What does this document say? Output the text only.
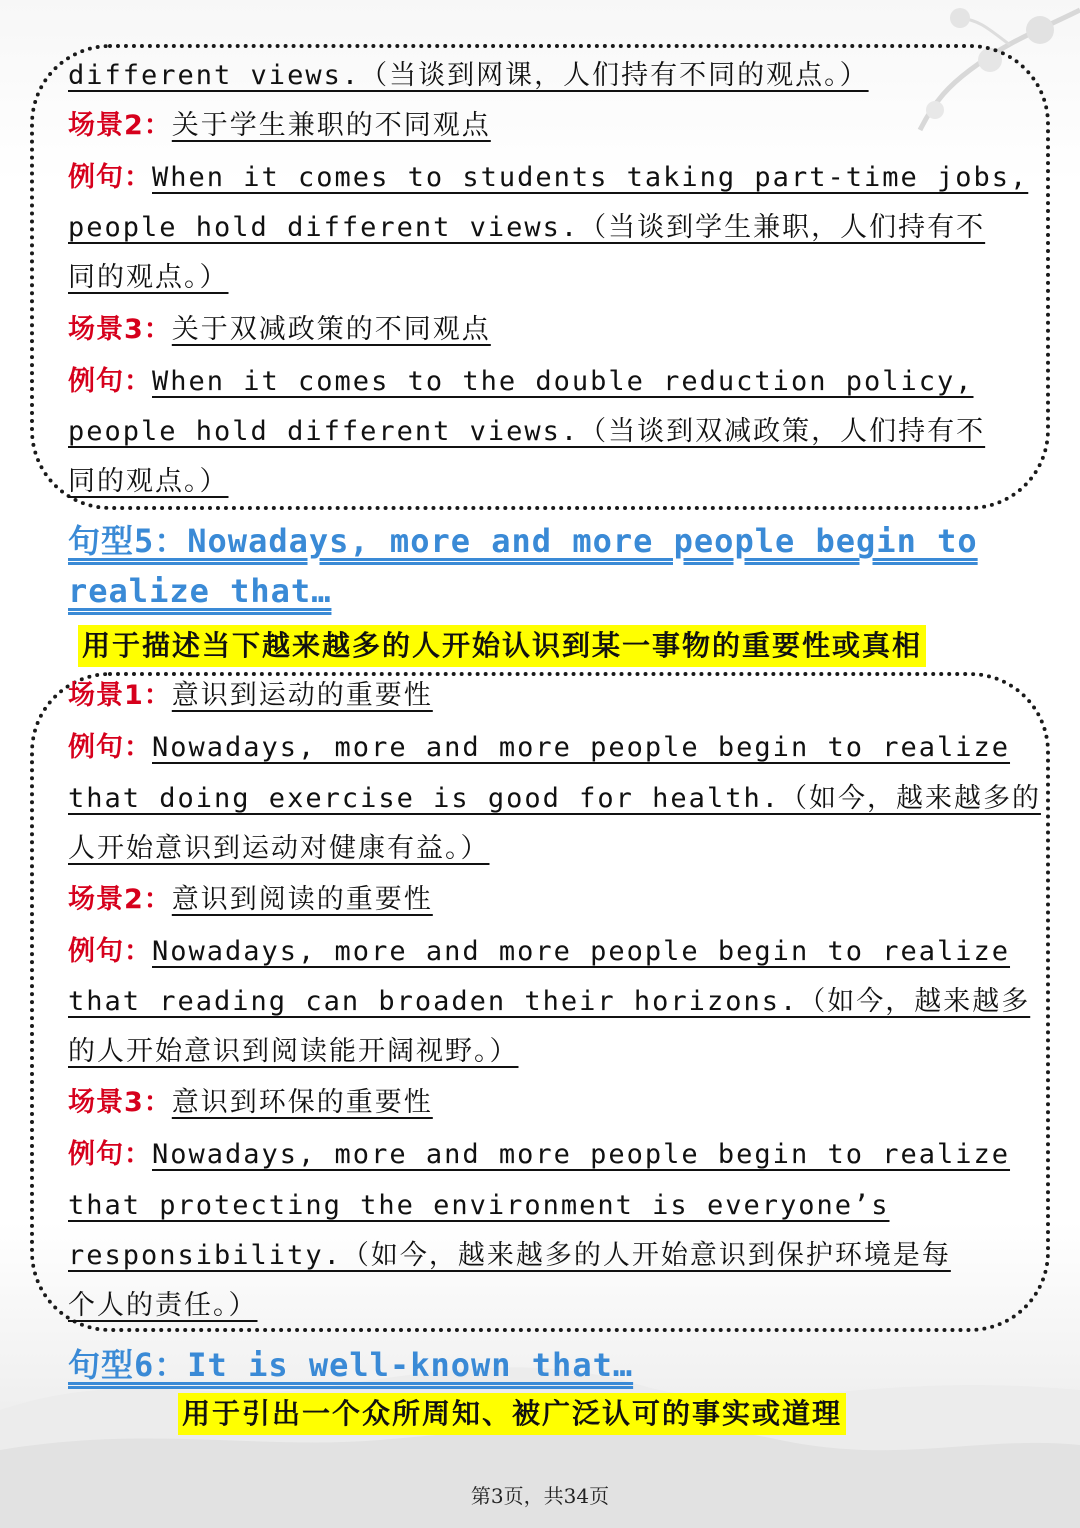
different views.（当谈到网课，人们持有不同的观点。）
场景2：关于学生兼职的不同观点
例句：When it comes to students taking part-time jobs,
people hold different views.（当谈到学生兼职，人们持有不
同的观点。）
场景3：关于双减政策的不同观点
例句：When it comes to the double reduction policy,
people hold different views.（当谈到双减政策，人们持有不
同的观点。）
句型5：Nowadays, more and more people begin to
realize that…
用于描述当下越来越多的人开始认识到某一事物的重要性或真相
场景1：意识到运动的重要性
例句：Nowadays, more and more people begin to realize
that doing exercise is good for health.（如今，越来越多的
人开始意识到运动对健康有益。）
场景2：意识到阅读的重要性
例句：Nowadays, more and more people begin to realize
that reading can broaden their horizons.（如今，越来越多
的人开始意识到阅读能开阔视野。）
场景3：意识到环保的重要性
例句：Nowadays, more and more people begin to realize
that protecting the environment is everyone’s
responsibility.（如今，越来越多的人开始意识到保护环境是每
个人的责任。）
句型6：It is well-known that…
用于引出一个众所周知、被广泛认可的事实或道理
第3页，共34页
